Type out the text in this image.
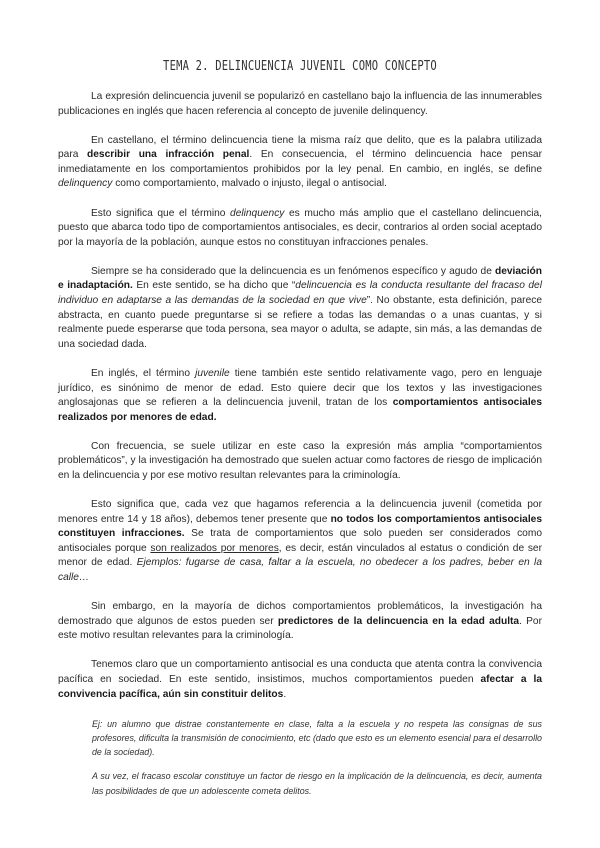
TEMA 2. DELINCUENCIA JUVENIL COMO CONCEPTO

La expresión delincuencia juvenil se popularizó en castellano bajo la influencia de las innumerables publicaciones en inglés que hacen referencia al concepto de juvenile delinquency.

En castellano, el término delincuencia tiene la misma raíz que delito, que es la palabra utilizada para describir una infracción penal. En consecuencia, el término delincuencia hace pensar inmediatamente en los comportamientos prohibidos por la ley penal. En cambio, en inglés, se define delinquency como comportamiento, malvado o injusto, ilegal o antisocial.

Esto significa que el término delinquency es mucho más amplio que el castellano delincuencia, puesto que abarca todo tipo de comportamientos antisociales, es decir, contrarios al orden social aceptado por la mayoría de la población, aunque estos no constituyan infracciones penales.

Siempre se ha considerado que la delincuencia es un fenómenos específico y agudo de deviación e inadaptación. En este sentido, se ha dicho que “delincuencia es la conducta resultante del fracaso del individuo en adaptarse a las demandas de la sociedad en que vive”. No obstante, esta definición, parece abstracta, en cuanto puede preguntarse si se refiere a todas las demandas o a unas cuantas, y si realmente puede esperarse que toda persona, sea mayor o adulta, se adapte, sin más, a las demandas de una sociedad dada.

En inglés, el término juvenile tiene también este sentido relativamente vago, pero en lenguaje jurídico, es sinónimo de menor de edad. Esto quiere decir que los textos y las investigaciones anglosajonas que se refieren a la delincuencia juvenil, tratan de los comportamientos antisociales realizados por menores de edad.

Con frecuencia, se suele utilizar en este caso la expresión más amplia “comportamientos problemáticos”, y la investigación ha demostrado que suelen actuar como factores de riesgo de implicación en la delincuencia y por ese motivo resultan relevantes para la criminología.

Esto significa que, cada vez que hagamos referencia a la delincuencia juvenil (cometida por menores entre 14 y 18 años), debemos tener presente que no todos los comportamientos antisociales constituyen infracciones. Se trata de comportamientos que solo pueden ser considerados como antisociales porque son realizados por menores, es decir, están vinculados al estatus o condición de ser menor de edad. Ejemplos: fugarse de casa, faltar a la escuela, no obedecer a los padres, beber en la calle…

Sin embargo, en la mayoría de dichos comportamientos problemáticos, la investigación ha demostrado que algunos de estos pueden ser predictores de la delincuencia en la edad adulta. Por este motivo resultan relevantes para la criminología.

Tenemos claro que un comportamiento antisocial es una conducta que atenta contra la convivencia pacífica en sociedad. En este sentido, insistimos, muchos comportamientos pueden afectar a la convivencia pacífica, aún sin constituir delitos.

Ej: un alumno que distrae constantemente en clase, falta a la escuela y no respeta las consignas de sus profesores, dificulta la transmisión de conocimiento, etc (dado que esto es un elemento esencial para el desarrollo de la sociedad).

A su vez, el fracaso escolar constituye un factor de riesgo en la implicación de la delincuencia, es decir, aumenta las posibilidades de que un adolescente cometa delitos.
